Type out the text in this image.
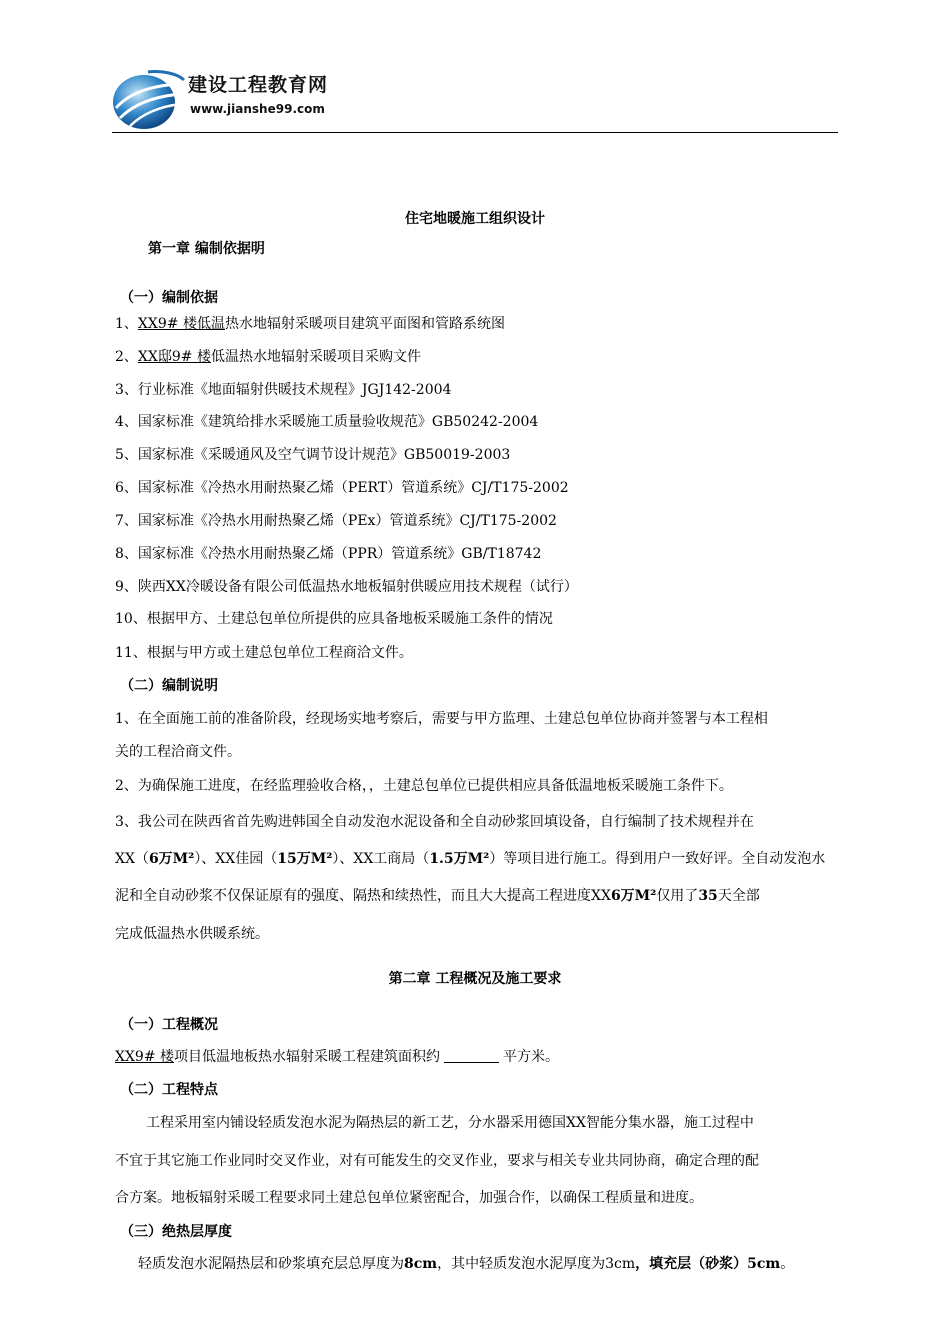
建设工程教育网
www.jianshe99.com
住宅地暖施工组织设计
第一章 编制依据明
（一）编制依据
1、XX9# 楼低温热水地辐射采暖项目建筑平面图和管路系统图
2、XX邸9# 楼低温热水地辐射采暖项目采购文件
3、行业标准《地面辐射供暖技术规程》JGJ142-2004
4、国家标准《建筑给排水采暖施工质量验收规范》GB50242-2004
5、国家标准《采暖通风及空气调节设计规范》GB50019-2003
6、国家标准《冷热水用耐热聚乙烯（PERT）管道系统》CJ/T175-2002
7、国家标准《冷热水用耐热聚乙烯（PEx）管道系统》CJ/T175-2002
8、国家标准《冷热水用耐热聚乙烯（PPR）管道系统》GB/T18742
9、陕西XX冷暖设备有限公司低温热水地板辐射供暖应用技术规程（试行）
10、根据甲方、土建总包单位所提供的应具备地板采暖施工条件的情况
11、根据与甲方或土建总包单位工程商洽文件。
（二）编制说明
1、在全面施工前的准备阶段，经现场实地考察后，需要与甲方监理、土建总包单位协商并签署与本工程相
关的工程洽商文件。
2、为确保施工进度，在经监理验收合格，，土建总包单位已提供相应具备低温地板采暖施工条件下。
3、我公司在陕西省首先购进韩国全自动发泡水泥设备和全自动砂浆回填设备，自行编制了技术规程并在
XX（6万M²）、XX佳园（15万M²）、XX工商局（1.5万M²）等项目进行施工。得到用户一致好评。全自动发泡水
泥和全自动砂浆不仅保证原有的强度、隔热和续热性，而且大大提高工程进度XX6万M²仅用了35天全部
完成低温热水供暖系统。
第二章 工程概况及施工要求
（一）工程概况
XX9# 楼项目低温地板热水辐射采暖工程建筑面积约	平方米。
（二）工程特点
工程采用室内铺设轻质发泡水泥为隔热层的新工艺，分水器采用德国XX智能分集水器，施工过程中
不宜于其它施工作业同时交叉作业，对有可能发生的交叉作业，要求与相关专业共同协商，确定合理的配
合方案。地板辐射采暖工程要求同土建总包单位紧密配合，加强合作，以确保工程质量和进度。
（三）绝热层厚度
轻质发泡水泥隔热层和砂浆填充层总厚度为8cm，其中轻质发泡水泥厚度为3cm，填充层（砂浆）5cm。
